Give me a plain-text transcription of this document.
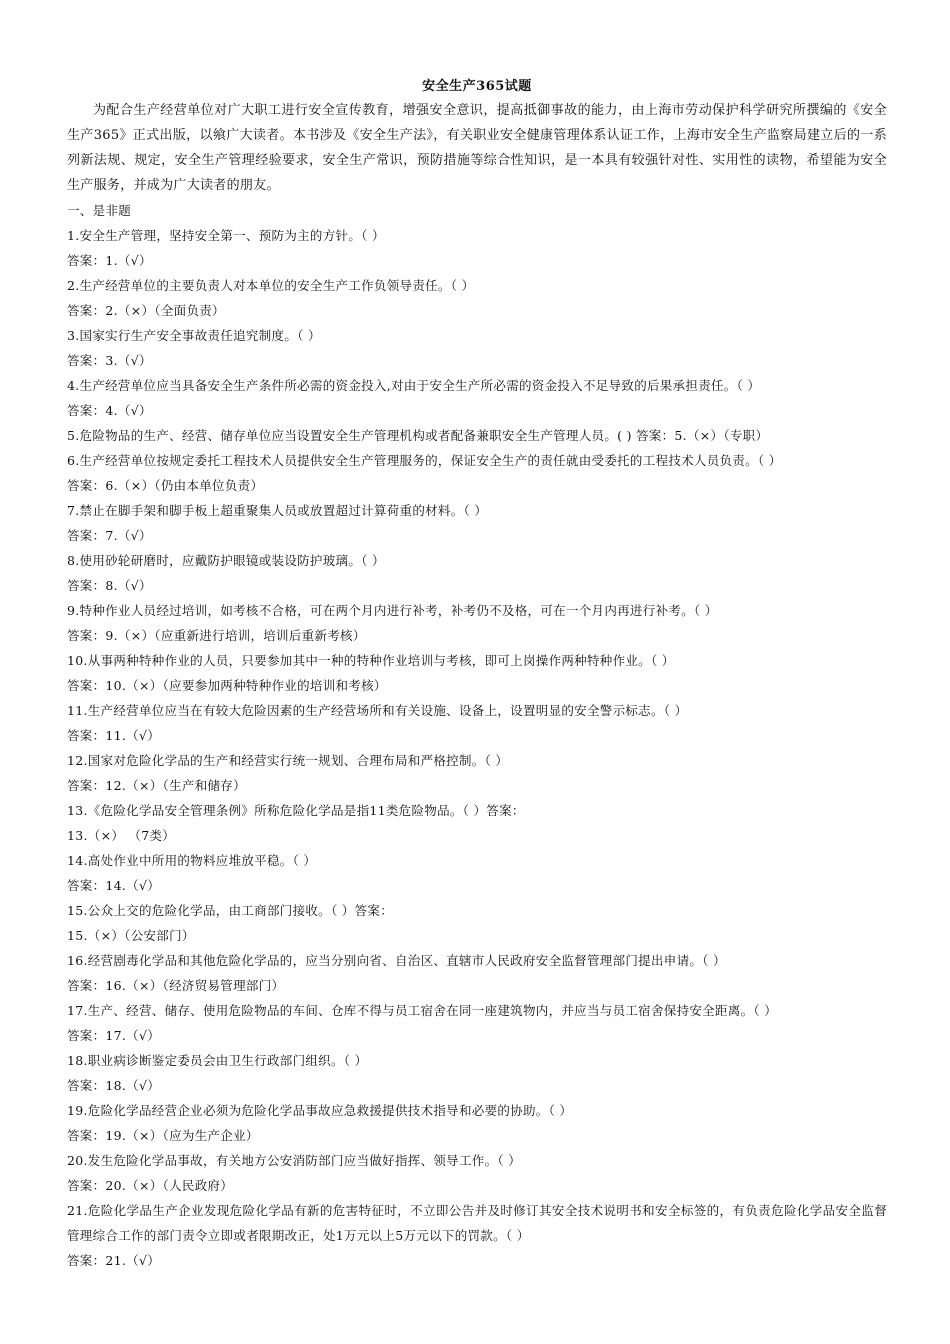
安全生产365试题
为配合生产经营单位对广大职工进行安全宣传教育，增强安全意识，提高抵御事故的能力，由上海市劳动保护科学研究所撰编的《安全生产365》正式出版，以飨广大读者。本书涉及《安全生产法》，有关职业安全健康管理体系认证工作，上海市安全生产监察局建立后的一系列新法规、规定，安全生产管理经验要求，安全生产常识，预防措施等综合性知识，是一本具有较强针对性、实用性的读物，希望能为安全生产服务，并成为广大读者的朋友。
一、是非题
1.安全生产管理，坚持安全第一、预防为主的方针。（ ）
答案：1.（√）
2.生产经营单位的主要负责人对本单位的安全生产工作负领导责任。（ ）
答案：2.（×）（全面负责）
3.国家实行生产安全事故责任追究制度。（ ）
答案：3.（√）
4.生产经营单位应当具备安全生产条件所必需的资金投入,对由于安全生产所必需的资金投入不足导致的后果承担责任。（ ）
答案：4.（√）
5.危险物品的生产、经营、储存单位应当设置安全生产管理机构或者配备兼职安全生产管理人员。( ) 答案：5.（×）（专职）
6.生产经营单位按规定委托工程技术人员提供安全生产管理服务的，保证安全生产的责任就由受委托的工程技术人员负责。（ ）
答案：6.（×）（仍由本单位负责）
7.禁止在脚手架和脚手板上超重聚集人员或放置超过计算荷重的材料。（ ）
答案：7.（√）
8.使用砂轮研磨时，应戴防护眼镜或装设防护玻璃。（ ）
答案：8.（√）
9.特种作业人员经过培训，如考核不合格，可在两个月内进行补考，补考仍不及格，可在一个月内再进行补考。（ ）
答案：9.（×）（应重新进行培训，培训后重新考核）
10.从事两种特种作业的人员，只要参加其中一种的特种作业培训与考核，即可上岗操作两种特种作业。（ ）
答案：10.（×）（应要参加两种特种作业的培训和考核）
11.生产经营单位应当在有较大危险因素的生产经营场所和有关设施、设备上，设置明显的安全警示标志。（ ）
答案：11.（√）
12.国家对危险化学品的生产和经营实行统一规划、合理布局和严格控制。（ ）
答案：12.（×）（生产和储存）
13.《危险化学品安全管理条例》所称危险化学品是指11类危险物品。（ ）答案：
13.（×） （7类）
14.高处作业中所用的物料应堆放平稳。（ ）
答案：14.（√）
15.公众上交的危险化学品，由工商部门接收。（ ）答案：
15.（×）（公安部门）
16.经营剧毒化学品和其他危险化学品的，应当分别向省、自治区、直辖市人民政府安全监督管理部门提出申请。（ ）
答案：16.（×）（经济贸易管理部门）
17.生产、经营、储存、使用危险物品的车间、仓库不得与员工宿舍在同一座建筑物内，并应当与员工宿舍保持安全距离。（ ）
答案：17.（√）
18.职业病诊断鉴定委员会由卫生行政部门组织。（ ）
答案：18.（√）
19.危险化学品经营企业必须为危险化学品事故应急救援提供技术指导和必要的协助。（ ）
答案：19.（×）（应为生产企业）
20.发生危险化学品事故，有关地方公安消防部门应当做好指挥、领导工作。（ ）
答案：20.（×）（人民政府）
21.危险化学品生产企业发现危险化学品有新的危害特征时，不立即公告并及时修订其安全技术说明书和安全标签的，有负责危险化学品安全监督管理综合工作的部门责令立即或者限期改正，处1万元以上5万元以下的罚款。（ ）
答案：21.（√）
